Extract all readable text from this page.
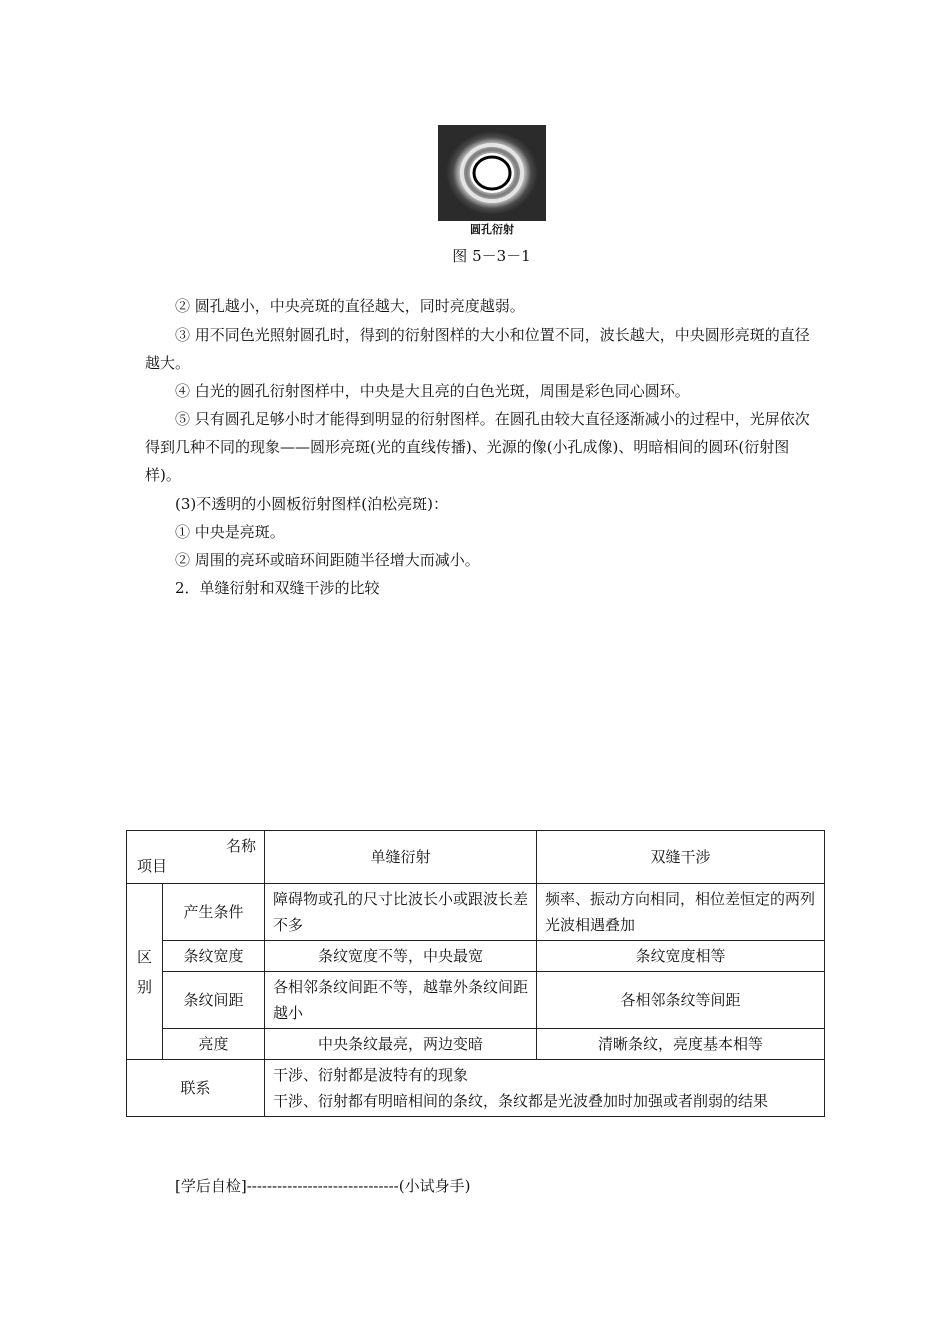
圆孔衍射
图 5－3－1

② 圆孔越小，中央亮斑的直径越大，同时亮度越弱。

③ 用不同色光照射圆孔时，得到的衍射图样的大小和位置不同，波长越大，中央圆形亮斑的直径越大。

④ 白光的圆孔衍射图样中，中央是大且亮的白色光斑，周围是彩色同心圆环。

⑤ 只有圆孔足够小时才能得到明显的衍射图样。在圆孔由较大直径逐渐减小的过程中，光屏依次得到几种不同的现象——圆形亮斑(光的直线传播)、光源的像(小孔成像)、明暗相间的圆环(衍射图样)。

(3)不透明的小圆板衍射图样(泊松亮斑)：
① 中央是亮斑。
② 周围的亮环或暗环间距随半径增大而减小。
2．单缝衍射和双缝干涉的比较
名称
项目		单缝衍射	双缝干涉
区 别	产生条件	障碍物或孔的尺寸比波长小或跟波长差不多	频率、振动方向相同，相位差恒定的两列光波相遇叠加
	条纹宽度	条纹宽度不等，中央最宽	条纹宽度相等
	条纹间距	各相邻条纹间距不等，越靠外条纹间距越小	各相邻条纹等间距
	亮度	中央条纹最亮，两边变暗	清晰条纹，亮度基本相等
联系		干涉、衍射都是波特有的现象
干涉、衍射都有明暗相间的条纹，条纹都是光波叠加时加强或者削弱的结果	
[学后自检]------------------------------(小试身手)
